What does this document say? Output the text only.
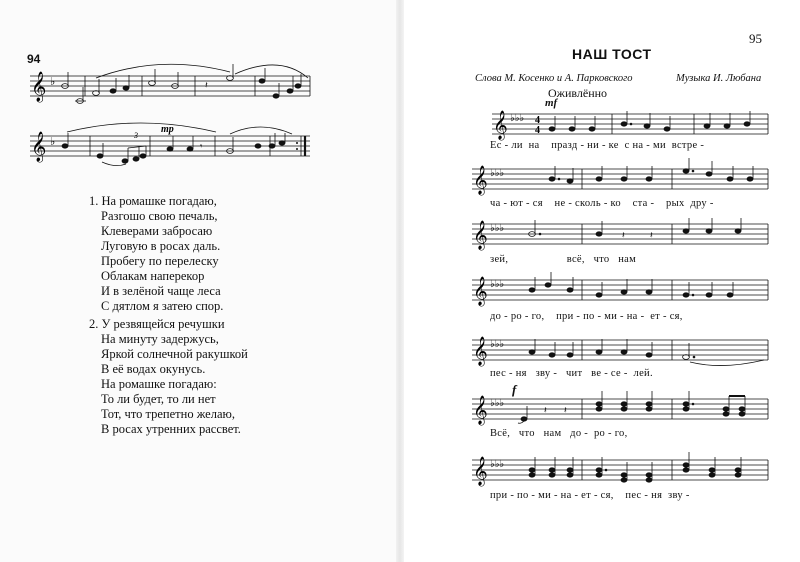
94
𝄞 ♭	𝄽
𝄞 ♭	𝄾
3
mp
1. На ромашке погадаю,
Разгошо свою печаль,
Клеверами забросаю
Луговую в росах даль.
Пробегу по перелеску
Облакам наперекор
И в зелёной чаще леса
С дятлом я затею спор.
2. У резвящейся речушки
На минуту задержусь,
Яркой солнечной ракушкой
В её водах окунусь.
На ромашке погадаю:
То ли будет, то ли нет
Тот, что трепетно желаю,
В росах утренних рассвет.
95
НАШ ТОСТ
Слова М. Косенко и А. Парковского	Музыка И. Любана
Оживлённо
mf
f
𝄞 ♭♭♭ 4
4
Ес - ли  на    празд - ни - ке  с на - ми  встре -
𝄞 ♭♭♭
ча - ют - ся    не - сколь - ко    ста -    рых  дру -
𝄞 ♭♭♭
𝄽	𝄽
зей,                    всё,   что   нам
𝄞 ♭♭♭
до - ро - го,    при - по - ми - на -  ет - ся,
𝄞 ♭♭♭
пес - ня   зву -   чит   ве - се -  лей.
𝄞 ♭♭♭
𝄽 𝄽
Всё,   что   нам   до -  ро - го,
𝄞 ♭♭♭
при - по - ми - на - ет - ся,    пес - ня  зву -
